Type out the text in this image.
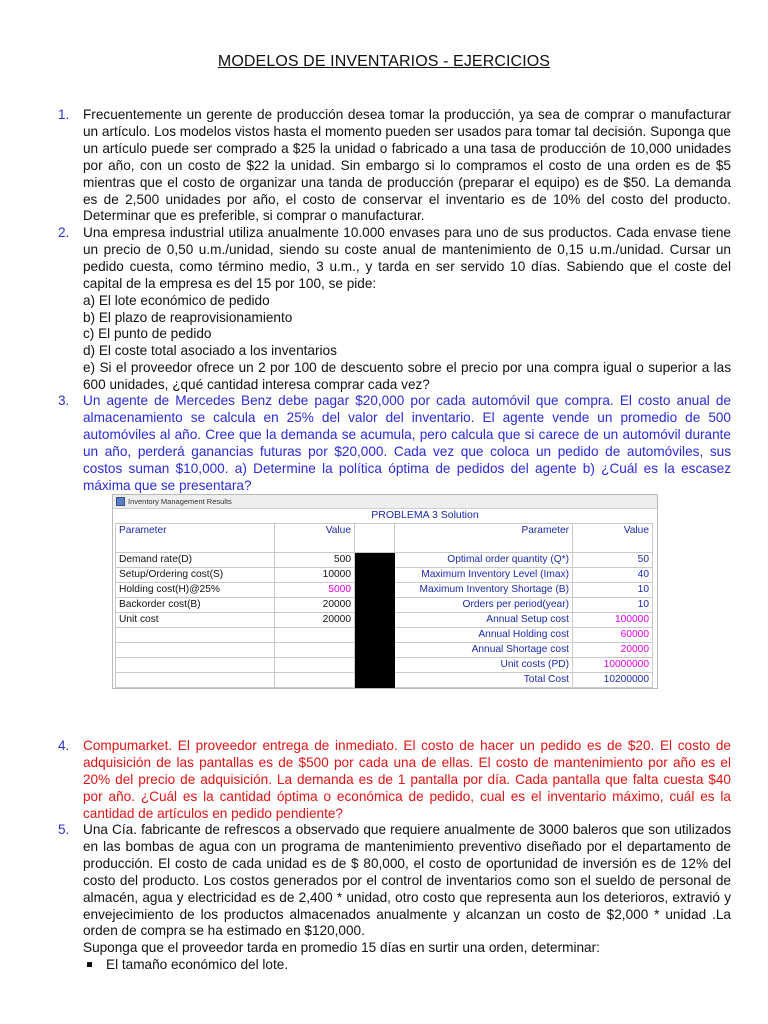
MODELOS DE INVENTARIOS - EJERCICIOS
1.	Frecuentemente un gerente de producción desea tomar la producción, ya sea de comprar o manufacturar un artículo. Los modelos vistos hasta el momento pueden ser usados para tomar tal decisión. Suponga que un artículo puede ser comprado a $25 la unidad o fabricado a una tasa de producción de 10,000 unidades por año, con un costo de $22 la unidad. Sin embargo si lo compramos el costo de una orden es de $5 mientras que el costo de organizar una tanda de producción (preparar el equipo) es de $50. La demanda es de 2,500 unidades por año, el costo de conservar el inventario es de 10% del costo del producto. Determinar que es preferible, si comprar o manufacturar.

2.	Una empresa industrial utiliza anualmente 10.000 envases para uno de sus productos. Cada envase tiene un precio de 0,50 u.m./unidad, siendo su coste anual de mantenimiento de 0,15 u.m./unidad. Cursar un pedido cuesta, como término medio, 3 u.m., y tarda en ser servido 10 días. Sabiendo que el coste del capital de la empresa es del 15 por 100, se pide:

a) El lote económico de pedido
b) El plazo de reaprovisionamiento
c) El punto de pedido
d) El coste total asociado a los inventarios
e) Si el proveedor ofrece un 2 por 100 de descuento sobre el precio por una compra igual o superior a las 600 unidades, ¿qué cantidad interesa comprar cada vez?
3.	Un agente de Mercedes Benz debe pagar $20,000 por cada automóvil que compra. El costo anual de almacenamiento se calcula en 25% del valor del inventario. El agente vende un promedio de 500 automóviles al año. Cree que la demanda se acumula, pero calcula que si carece de un automóvil durante un año, perderá ganancias futuras por $20,000. Cada vez que coloca un pedido de automóviles, sus costos suman $10,000. a) Determine la política óptima de pedidos del agente b) ¿Cuál es la escasez máxima que se presentara?

Inventory Management Results
PROBLEMA 3 Solution
Parameter	Value		Parameter	Value
Demand rate(D)	500		Optimal order quantity (Q*)	50
Setup/Ordering cost(S)	10000		Maximum Inventory Level (Imax)	40
Holding cost(H)@25%	5000		Maximum Inventory Shortage (B)	10
Backorder cost(B)	20000		Orders per period(year)	10
Unit cost	20000		Annual Setup cost	100000
			Annual Holding cost	60000
			Annual Shortage cost	20000
			Unit costs (PD)	10000000
			Total Cost	10200000
4.	Compumarket. El proveedor entrega de inmediato. El costo de hacer un pedido es de $20. El costo de adquisición de las pantallas es de $500 por cada una de ellas. El costo de mantenimiento por año es el 20% del precio de adquisición. La demanda es de 1 pantalla por día. Cada pantalla que falta cuesta $40 por año. ¿Cuál es la cantidad óptima o económica de pedido, cual es el inventario máximo, cuál es la cantidad de artículos en pedido pendiente?

5.	Una Cía. fabricante de refrescos a observado que requiere anualmente de 3000 baleros que son utilizados en las bombas de agua con un programa de mantenimiento preventivo diseñado por el departamento de producción. El costo de cada unidad es de $ 80,000, el costo de oportunidad de inversión es de 12% del costo del producto. Los costos generados por el control de inventarios como son el sueldo de personal de almacén, agua y electricidad es de 2,400 * unidad, otro costo que representa aun los deterioros, extravió y envejecimiento de los productos almacenados anualmente y alcanzan un costo de $2,000 * unidad .La orden de compra se ha estimado en $120,000.

Suponga que el proveedor tarda en promedio 15 días en surtir una orden, determinar:
El tamaño económico del lote.
